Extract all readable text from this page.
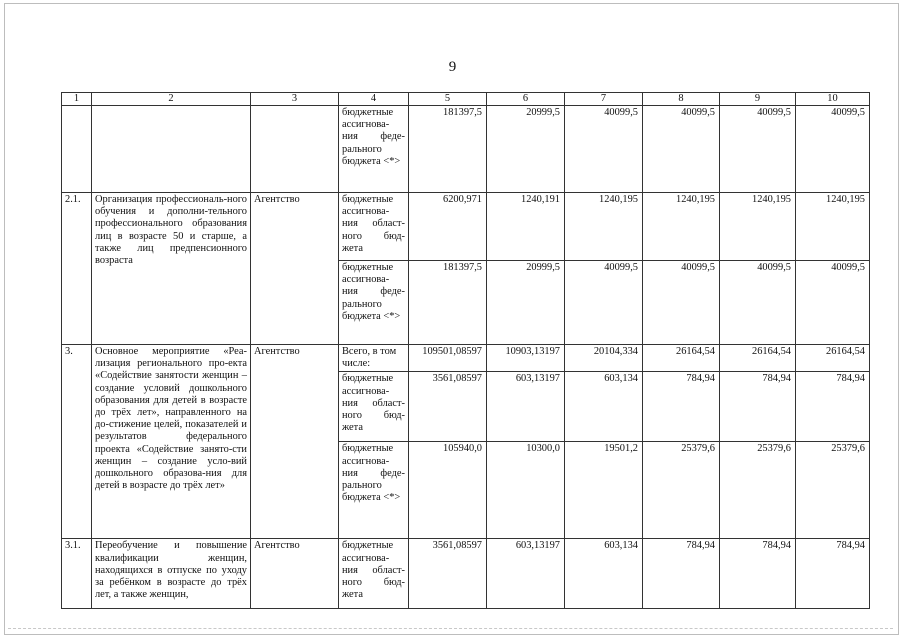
9
1	2	3	4	5	6	7	8	9	10
			бюджетные ассигнова-ния феде-рального бюджета <*>	181397,5	20999,5	40099,5	40099,5	40099,5	40099,5
2.1.	Организация профессиональ-ного обучения и дополни-тельного профессионального образования лиц в возрасте 50 и старше, а также лиц предпенсионного возраста	Агентство	бюджетные ассигнова-ния област-ного бюд-жета	6200,971	1240,191	1240,195	1240,195	1240,195	1240,195
			бюджетные ассигнова-ния феде-рального бюджета <*>	181397,5	20999,5	40099,5	40099,5	40099,5	40099,5
3.	Основное мероприятие «Реа-лизация регионального про-екта «Содействие занятости женщин – создание условий дошкольного образования для детей в возрасте до трёх лет», направленного на до-стижение целей, показателей и результатов федерального проекта «Содействие занято-сти женщин – создание усло-вий дошкольного образова-ния для детей в возрасте до трёх лет»	Агентство	Всего, в том числе:	109501,08597	10903,13197	20104,334	26164,54	26164,54	26164,54
			бюджетные ассигнова-ния област-ного бюд-жета	3561,08597	603,13197	603,134	784,94	784,94	784,94
			бюджетные ассигнова-ния феде-рального бюджета <*>	105940,0	10300,0	19501,2	25379,6	25379,6	25379,6
3.1.	Переобучение и повышение квалификации женщин, находящихся в отпуске по уходу за ребёнком в возрасте до трёх лет, а также женщин,	Агентство	бюджетные ассигнова-ния област-ного бюд-жета	3561,08597	603,13197	603,134	784,94	784,94	784,94
